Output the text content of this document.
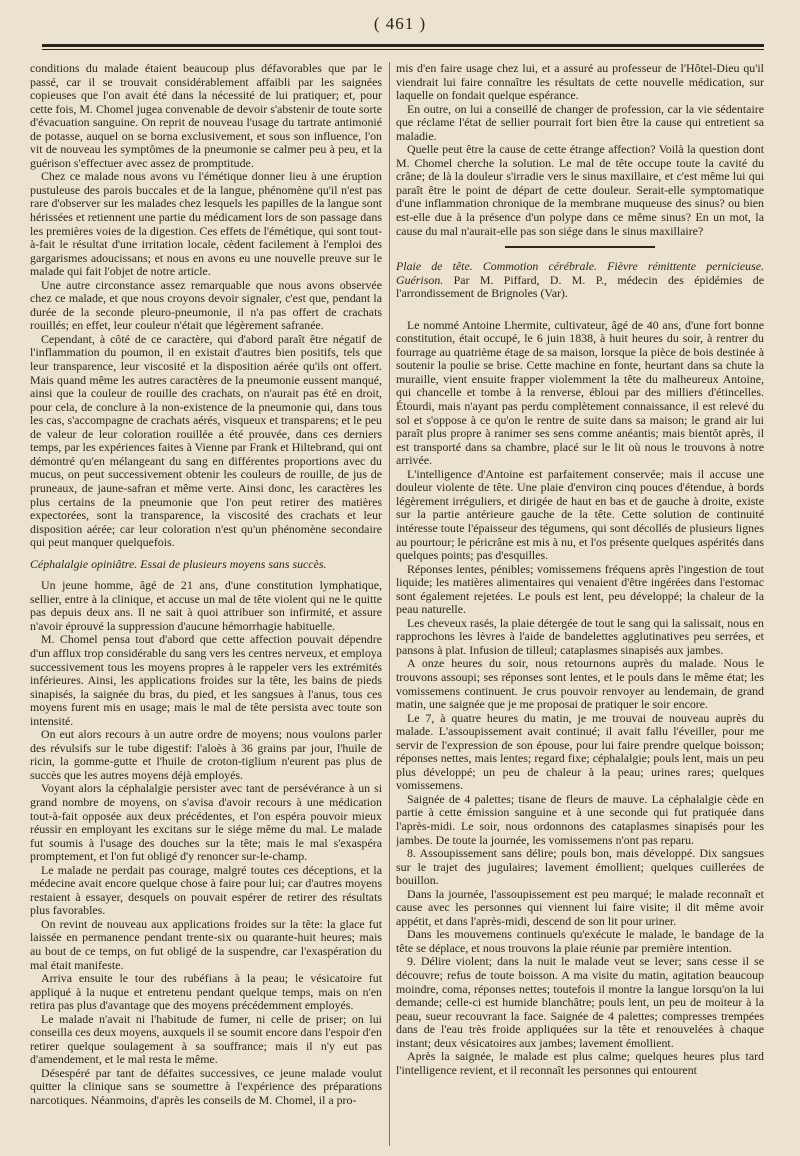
( 461 )

conditions du malade étaient beaucoup plus défavorables que par le passé, car il se trouvait considérablement affaibli par les saignées copieuses que l'on avait été dans la nécessité de lui pratiquer; et, pour cette fois, M. Chomel jugea convenable de devoir s'abstenir de toute sorte d'évacuation sanguine. On reprit de nouveau l'usage du tartrate antimonié de potasse, auquel on se borna exclusivement, et sous son influence, l'on vit de nouveau les symptômes de la pneumonie se calmer peu à peu, et la guérison s'effectuer avec assez de promptitude.

Chez ce malade nous avons vu l'émétique donner lieu à une éruption pustuleuse des parois buccales et de la langue, phénomène qu'il n'est pas rare d'observer sur les malades chez lesquels les papilles de la langue sont hérissées et retiennent une partie du médicament lors de son passage dans les premières voies de la digestion. Ces effets de l'émétique, qui sont tout-à-fait le résultat d'une irritation locale, cèdent facilement à l'emploi des gargarismes adoucissans; et nous en avons eu une nouvelle preuve sur le malade qui fait l'objet de notre article.

Une autre circonstance assez remarquable que nous avons observée chez ce malade, et que nous croyons devoir signaler, c'est que, pendant la durée de la seconde pleuro-pneumonie, il n'a pas offert de crachats rouillés; en effet, leur couleur n'était que légèrement safranée.

Cependant, à côté de ce caractère, qui d'abord paraît être négatif de l'inflammation du poumon, il en existait d'autres bien positifs, tels que leur transparence, leur viscosité et la disposition aérée qu'ils ont offert. Mais quand même les autres caractères de la pneumonie eussent manqué, ainsi que la couleur de rouille des crachats, on n'aurait pas été en droit, pour cela, de conclure à la non-existence de la pneumonie qui, dans tous les cas, s'accompagne de crachats aérés, visqueux et transparens; et le peu de valeur de leur coloration rouillée a été prouvée, dans ces derniers temps, par les expériences faites à Vienne par Frank et Hiltebrand, qui ont démontré qu'en mélangeant du sang en différentes proportions avec du mucus, on peut successivement obtenir les couleurs de rouille, de jus de pruneaux, de jaune-safran et même verte. Ainsi donc, les caractères les plus certains de la pneumonie que l'on peut retirer des matières expectorées, sont la transparence, la viscosité des crachats et leur disposition aérée; car leur coloration n'est qu'un phénomène secondaire qui peut manquer quelquefois.

Céphalalgie opiniâtre. Essai de plusieurs moyens sans succès.

Un jeune homme, âgé de 21 ans, d'une constitution lymphatique, sellier, entre à la clinique, et accuse un mal de tête violent qui ne le quitte pas depuis deux ans. Il ne sait à quoi attribuer son infirmité, et assure n'avoir éprouvé la suppression d'aucune hémorrhagie habituelle.

M. Chomel pensa tout d'abord que cette affection pouvait dépendre d'un afflux trop considérable du sang vers les centres nerveux, et employa successivement tous les moyens propres à le rappeler vers les extrémités inférieures. Ainsi, les applications froides sur la tête, les bains de pieds sinapisés, la saignée du bras, du pied, et les sangsues à l'anus, tous ces moyens furent mis en usage; mais le mal de tête persista avec toute son intensité.

On eut alors recours à un autre ordre de moyens; nous voulons parler des révulsifs sur le tube digestif: l'aloès à 36 grains par jour, l'huile de ricin, la gomme-gutte et l'huile de croton-tiglium n'eurent pas plus de succès que les autres moyens déjà employés.

Voyant alors la céphalalgie persister avec tant de persévérance à un si grand nombre de moyens, on s'avisa d'avoir recours à une médication tout-à-fait opposée aux deux précédentes, et l'on espéra pouvoir mieux réussir en employant les excitans sur le siége même du mal. Le malade fut soumis à l'usage des douches sur la tête; mais le mal s'exaspéra promptement, et l'on fut obligé d'y renoncer sur-le-champ.

Le malade ne perdait pas courage, malgré toutes ces déceptions, et la médecine avait encore quelque chose à faire pour lui; car d'autres moyens restaient à essayer, desquels on pouvait espérer de retirer des résultats plus favorables.

On revint de nouveau aux applications froides sur la tête: la glace fut laissée en permanence pendant trente-six ou quarante-huit heures; mais au bout de ce temps, on fut obligé de la suspendre, car l'exaspération du mal était manifeste.

Arriva ensuite le tour des rubéfians à la peau; le vésicatoire fut appliqué à la nuque et entretenu pendant quelque temps, mais on n'en retira pas plus d'avantage que des moyens précédemment employés.

Le malade n'avait ni l'habitude de fumer, ni celle de priser; on lui conseilla ces deux moyens, auxquels il se soumit encore dans l'espoir d'en retirer quelque soulagement à sa souffrance; mais il n'y eut pas d'amendement, et le mal resta le même.

Désespéré par tant de défaites successives, ce jeune malade voulut quitter la clinique sans se soumettre à l'expérience des préparations narcotiques. Néanmoins, d'après les conseils de M. Chomel, il a pro-

mis d'en faire usage chez lui, et a assuré au professeur de l'Hôtel-Dieu qu'il viendrait lui faire connaître les résultats de cette nouvelle médication, sur laquelle on fondait quelque espérance.

En outre, on lui a conseillé de changer de profession, car la vie sédentaire que réclame l'état de sellier pourrait fort bien être la cause qui entretient sa maladie.

Quelle peut être la cause de cette étrange affection? Voilà la question dont M. Chomel cherche la solution. Le mal de tête occupe toute la cavité du crâne; de là la douleur s'irradie vers le sinus maxillaire, et c'est même lui qui paraît être le point de départ de cette douleur. Serait-elle symptomatique d'une inflammation chronique de la membrane muqueuse des sinus? ou bien est-elle due à la présence d'un polype dans ce même sinus? En un mot, la cause du mal n'aurait-elle pas son siége dans le sinus maxillaire?

Plaie de tête. Commotion cérébrale. Fièvre rémittente pernicieuse. Guérison. Par M. Piffard, D. M. P., médecin des épidémies de l'arrondissement de Brignoles (Var).

Le nommé Antoine Lhermite, cultivateur, âgé de 40 ans, d'une fort bonne constitution, était occupé, le 6 juin 1838, à huit heures du soir, à rentrer du fourrage au quatrième étage de sa maison, lorsque la pièce de bois destinée à soutenir la poulie se brise. Cette machine en fonte, heurtant dans sa chute la muraille, vient ensuite frapper violemment la tête du malheureux Antoine, qui chancelle et tombe à la renverse, ébloui par des milliers d'étincelles. Étourdi, mais n'ayant pas perdu complètement connaissance, il est relevé du sol et s'oppose à ce qu'on le rentre de suite dans sa maison; le grand air lui paraît plus propre à ranimer ses sens comme anéantis; mais bientôt après, il est transporté dans sa chambre, placé sur le lit où nous le trouvons à notre arrivée.

L'intelligence d'Antoine est parfaitement conservée; mais il accuse une douleur violente de tête. Une plaie d'environ cinq pouces d'étendue, à bords légèrement irréguliers, et dirigée de haut en bas et de gauche à droite, existe sur la partie antérieure gauche de la tête. Cette solution de continuité intéresse toute l'épaisseur des tégumens, qui sont décollés de plusieurs lignes au pourtour; le péricrâne est mis à nu, et l'os présente quelques aspérités dans quelques points; pas d'esquilles.

Réponses lentes, pénibles; vomissemens fréquens après l'ingestion de tout liquide; les matières alimentaires qui venaient d'être ingérées dans l'estomac sont également rejetées. Le pouls est lent, peu développé; la chaleur de la peau naturelle.

Les cheveux rasés, la plaie détergée de tout le sang qui la salissait, nous en rapprochons les lèvres à l'aide de bandelettes agglutinatives peu serrées, et pansons à plat. Infusion de tilleul; cataplasmes sinapisés aux jambes.

A onze heures du soir, nous retournons auprès du malade. Nous le trouvons assoupi; ses réponses sont lentes, et le pouls dans le même état; les vomissemens continuent. Je crus pouvoir renvoyer au lendemain, de grand matin, une saignée que je me proposai de pratiquer le soir encore.

Le 7, à quatre heures du matin, je me trouvai de nouveau auprès du malade. L'assoupissement avait continué; il avait fallu l'éveiller, pour me servir de l'expression de son épouse, pour lui faire prendre quelque boisson; réponses nettes, mais lentes; regard fixe; céphalalgie; pouls lent, mais un peu plus développé; un peu de chaleur à la peau; urines rares; quelques vomissemens.

Saignée de 4 palettes; tisane de fleurs de mauve. La céphalalgie cède en partie à cette émission sanguine et à une seconde qui fut pratiquée dans l'après-midi. Le soir, nous ordonnons des cataplasmes sinapisés pour les jambes. De toute la journée, les vomissemens n'ont pas reparu.

8. Assoupissement sans délire; pouls bon, mais développé. Dix sangsues sur le trajet des jugulaires; lavement émollient; quelques cuillerées de bouillon.

Dans la journée, l'assoupissement est peu marqué; le malade reconnaît et cause avec les personnes qui viennent lui faire visite; il dit même avoir appétit, et dans l'après-midi, descend de son lit pour uriner.

Dans les mouvemens continuels qu'exécute le malade, le bandage de la tête se déplace, et nous trouvons la plaie réunie par première intention.

9. Délire violent; dans la nuit le malade veut se lever; sans cesse il se découvre; refus de toute boisson. A ma visite du matin, agitation beaucoup moindre, coma, réponses nettes; toutefois il montre la langue lorsqu'on la lui demande; celle-ci est humide blanchâtre; pouls lent, un peu de moiteur à la peau, sueur recouvrant la face. Saignée de 4 palettes; compresses trempées dans de l'eau très froide appliquées sur la tête et renouvelées à chaque instant; deux vésicatoires aux jambes; lavement émollient.

Après la saignée, le malade est plus calme; quelques heures plus tard l'intelligence revient, et il reconnaît les personnes qui entourent
